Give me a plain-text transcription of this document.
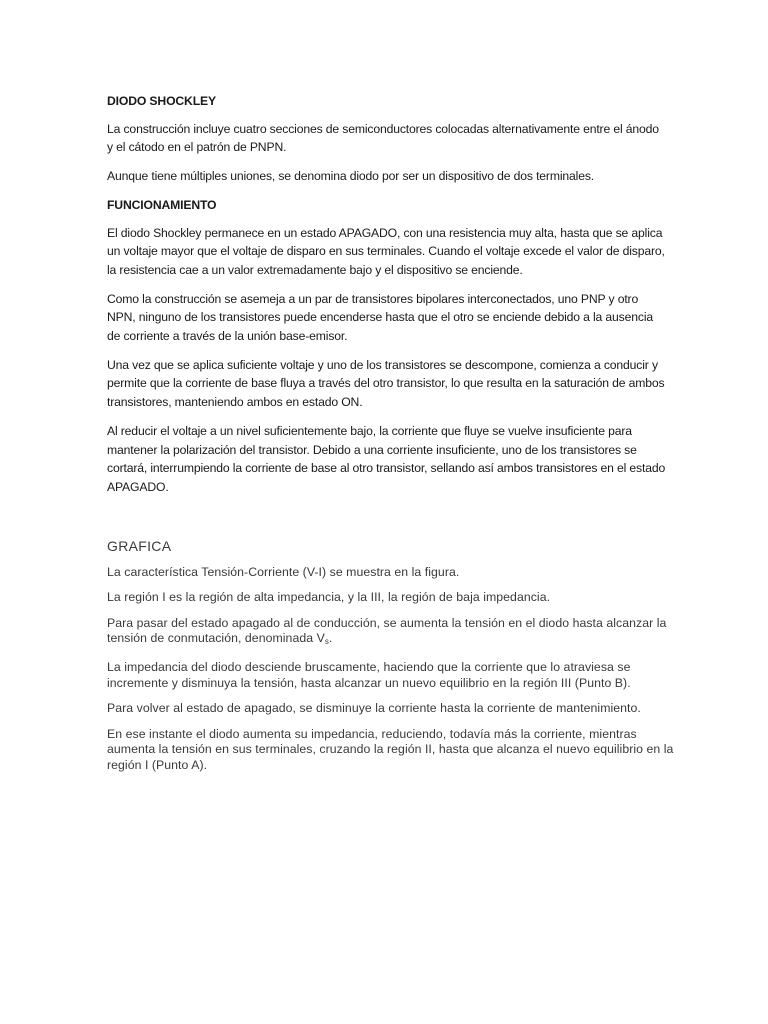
DIODO SHOCKLEY

La construcción incluye cuatro secciones de semiconductores colocadas alternativamente entre el ánodo y el cátodo en el patrón de PNPN.

Aunque tiene múltiples uniones, se denomina diodo por ser un dispositivo de dos terminales.

FUNCIONAMIENTO

El diodo Shockley permanece en un estado APAGADO, con una resistencia muy alta, hasta que se aplica un voltaje mayor que el voltaje de disparo en sus terminales. Cuando el voltaje excede el valor de disparo, la resistencia cae a un valor extremadamente bajo y el dispositivo se enciende.

Como la construcción se asemeja a un par de transistores bipolares interconectados, uno PNP y otro NPN, ninguno de los transistores puede encenderse hasta que el otro se enciende debido a la ausencia de corriente a través de la unión base-emisor.

Una vez que se aplica suficiente voltaje y uno de los transistores se descompone, comienza a conducir y permite que la corriente de base fluya a través del otro transistor, lo que resulta en la saturación de ambos transistores, manteniendo ambos en estado ON.

Al reducir el voltaje a un nivel suficientemente bajo, la corriente que fluye se vuelve insuficiente para mantener la polarización del transistor. Debido a una corriente insuficiente, uno de los transistores se cortará, interrumpiendo la corriente de base al otro transistor, sellando así ambos transistores en el estado APAGADO.

GRAFICA

La característica Tensión-Corriente (V-I) se muestra en la figura.

La región I es la región de alta impedancia, y la III, la región de baja impedancia.

Para pasar del estado apagado al de conducción, se aumenta la tensión en el diodo hasta alcanzar la tensión de conmutación, denominada $V_s$.

La impedancia del diodo desciende bruscamente, haciendo que la corriente que lo atraviesa se incremente y disminuya la tensión, hasta alcanzar un nuevo equilibrio en la región III (Punto B).

Para volver al estado de apagado, se disminuye la corriente hasta la corriente de mantenimiento.

En ese instante el diodo aumenta su impedancia, reduciendo, todavía más la corriente, mientras aumenta la tensión en sus terminales, cruzando la región II, hasta que alcanza el nuevo equilibrio en la región I (Punto A).
